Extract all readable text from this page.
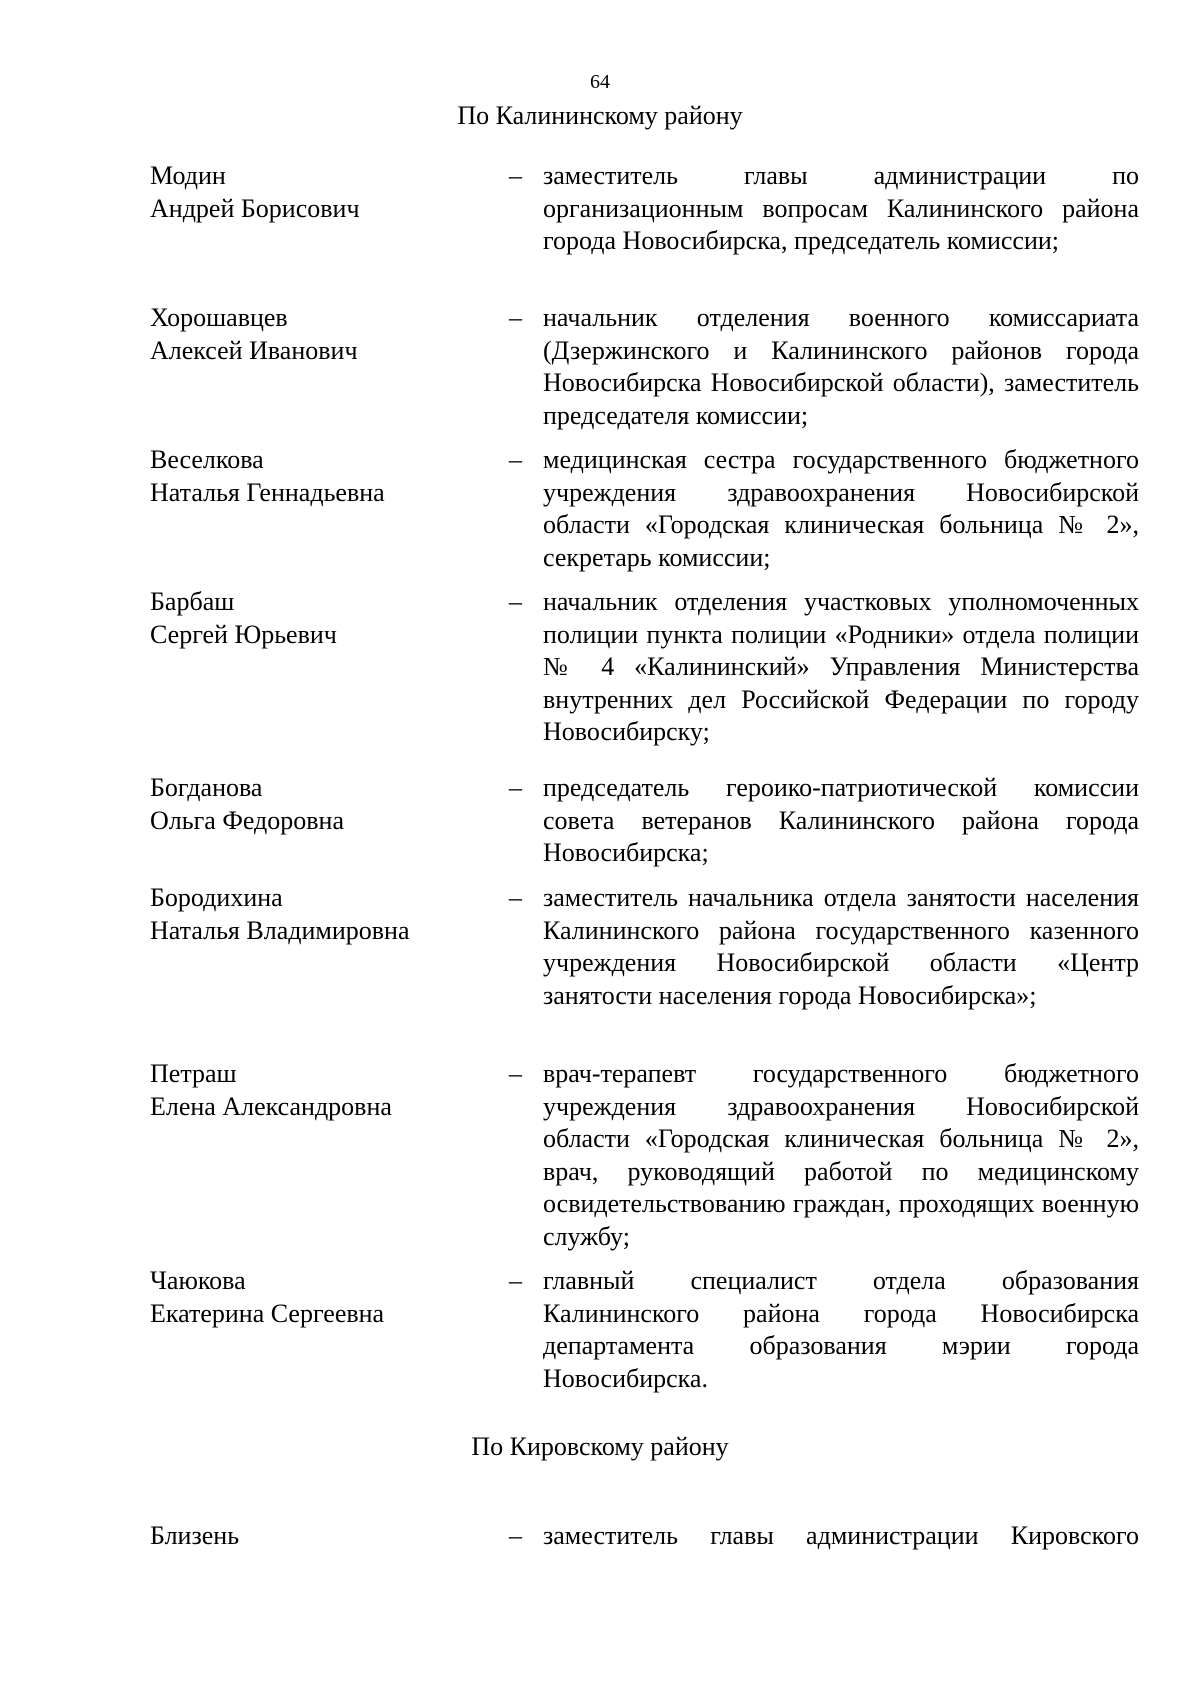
64
По Калининскому району
Модин
Андрей Борисович
– заместитель главы администрации по организационным вопросам Калининского района города Новосибирска, председатель комиссии;
Хорошавцев
Алексей Иванович
– начальник отделения военного комиссариата (Дзержинского и Калининского районов города Новосибирска Новосибирской области), заместитель председателя комиссии;
Веселкова
Наталья Геннадьевна
– медицинская сестра государственного бюджетного учреждения здравоохранения Новосибирской области «Городская клиническая больница № 2», секретарь комиссии;
Барбаш
Сергей Юрьевич
– начальник отделения участковых уполномоченных полиции пункта полиции «Родники» отдела полиции № 4 «Калининский» Управления Министерства внутренних дел Российской Федерации по городу Новосибирску;
Богданова
Ольга Федоровна
– председатель героико-патриотической комиссии совета ветеранов Калининского района города Новосибирска;
Бородихина
Наталья Владимировна
– заместитель начальника отдела занятости населения Калининского района государственного казенного учреждения Новосибирской области «Центр занятости населения города Новосибирска»;
Петраш
Елена Александровна
– врач-терапевт государственного бюджетного учреждения здравоохранения Новосибирской области «Городская клиническая больница № 2», врач, руководящий работой по медицинскому освидетельствованию граждан, проходящих военную службу;
Чаюкова
Екатерина Сергеевна
– главный специалист отдела образования Калининского района города Новосибирска департамента образования мэрии города Новосибирска.
По Кировскому району
Близень	– заместитель главы администрации Кировского
